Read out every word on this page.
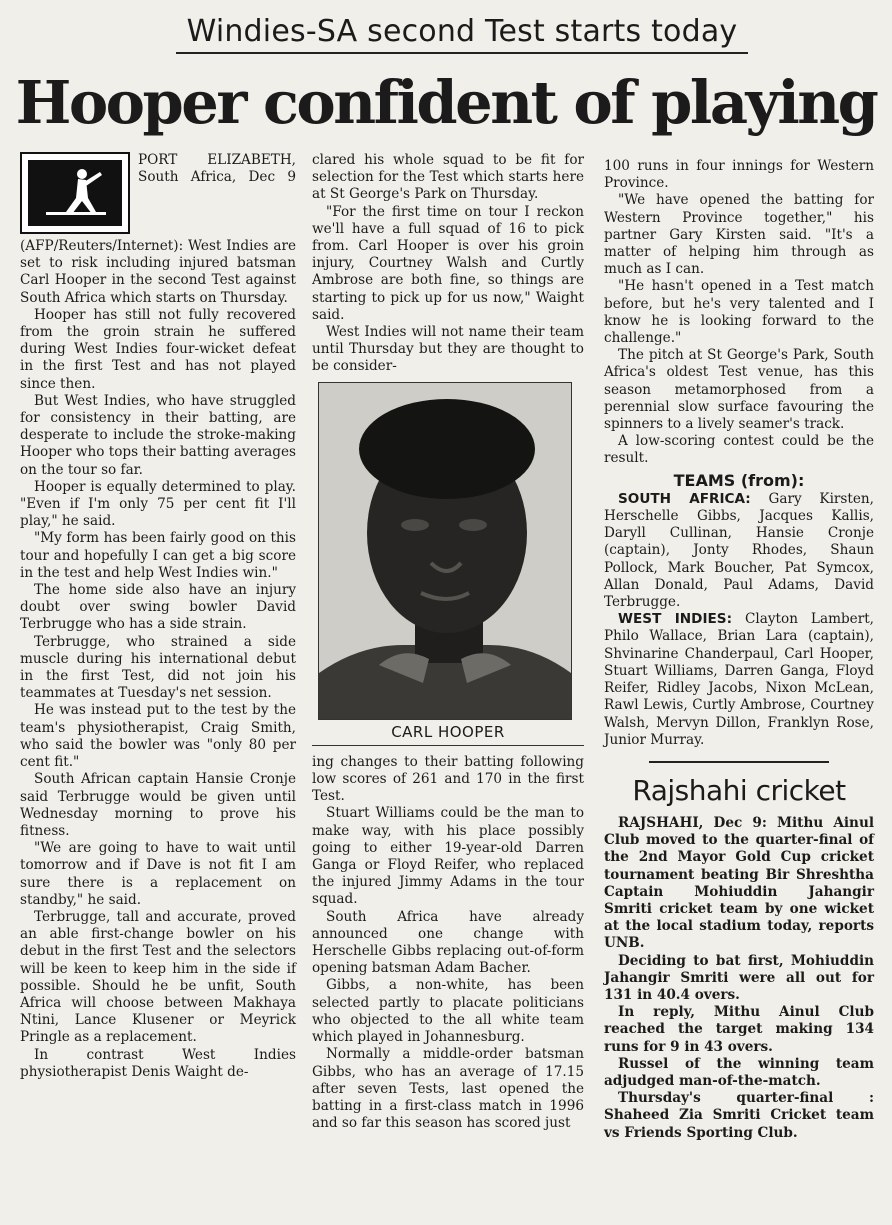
Windies-SA second Test starts today
Hooper confident of playing

PORT ELIZABETH, South Africa, Dec 9 (AFP/Reuters/Internet): West Indies are set to risk including injured batsman Carl Hooper in the second Test against South Africa which starts on Thursday.

Hooper has still not fully recovered from the groin strain he suffered during West Indies four-wicket defeat in the first Test and has not played since then.

But West Indies, who have struggled for consistency in their batting, are desperate to include the stroke-making Hooper who tops their batting averages on the tour so far.

Hooper is equally determined to play. "Even if I'm only 75 per cent fit I'll play," he said.

"My form has been fairly good on this tour and hopefully I can get a big score in the test and help West Indies win."

The home side also have an injury doubt over swing bowler David Terbrugge who has a side strain.

Terbrugge, who strained a side muscle during his international debut in the first Test, did not join his teammates at Tuesday's net session.

He was instead put to the test by the team's physiotherapist, Craig Smith, who said the bowler was "only 80 per cent fit."

South African captain Hansie Cronje said Terbrugge would be given until Wednesday morning to prove his fitness.

"We are going to have to wait until tomorrow and if Dave is not fit I am sure there is a replacement on standby," he said.

Terbrugge, tall and accurate, proved an able first-change bowler on his debut in the first Test and the selectors will be keen to keep him in the side if possible. Should he be unfit, South Africa will choose between Makhaya Ntini, Lance Klusener or Meyrick Pringle as a replacement.

In contrast West Indies physiotherapist Denis Waight de-

clared his whole squad to be fit for selection for the Test which starts here at St George's Park on Thursday.

"For the first time on tour I reckon we'll have a full squad of 16 to pick from. Carl Hooper is over his groin injury, Courtney Walsh and Curtly Ambrose are both fine, so things are starting to pick up for us now," Waight said.

West Indies will not name their team until Thursday but they are thought to be consider-

CARL HOOPER

ing changes to their batting following low scores of 261 and 170 in the first Test.

Stuart Williams could be the man to make way, with his place possibly going to either 19-year-old Darren Ganga or Floyd Reifer, who replaced the injured Jimmy Adams in the tour squad.

South Africa have already announced one change with Herschelle Gibbs replacing out-of-form opening batsman Adam Bacher.

Gibbs, a non-white, has been selected partly to placate politicians who objected to the all white team which played in Johannesburg.

Normally a middle-order batsman Gibbs, who has an average of 17.15 after seven Tests, last opened the batting in a first-class match in 1996 and so far this season has scored just

100 runs in four innings for Western Province.

"We have opened the batting for Western Province together," his partner Gary Kirsten said. "It's a matter of helping him through as much as I can.

"He hasn't opened in a Test match before, but he's very talented and I know he is looking forward to the challenge."

The pitch at St George's Park, South Africa's oldest Test venue, has this season metamorphosed from a perennial slow surface favouring the spinners to a lively seamer's track.

A low-scoring contest could be the result.

TEAMS (from):

SOUTH AFRICA: Gary Kirsten, Herschelle Gibbs, Jacques Kallis, Daryll Cullinan, Hansie Cronje (captain), Jonty Rhodes, Shaun Pollock, Mark Boucher, Pat Symcox, Allan Donald, Paul Adams, David Terbrugge.

WEST INDIES: Clayton Lambert, Philo Wallace, Brian Lara (captain), Shvinarine Chanderpaul, Carl Hooper, Stuart Williams, Darren Ganga, Floyd Reifer, Ridley Jacobs, Nixon McLean, Rawl Lewis, Curtly Ambrose, Courtney Walsh, Mervyn Dillon, Franklyn Rose, Junior Murray.

Rajshahi cricket

RAJSHAHI, Dec 9: Mithu Ainul Club moved to the quarter-final of the 2nd Mayor Gold Cup cricket tournament beating Bir Shreshtha Captain Mohiuddin Jahangir Smriti cricket team by one wicket at the local stadium today, reports UNB.

Deciding to bat first, Mohiuddin Jahangir Smriti were all out for 131 in 40.4 overs.

In reply, Mithu Ainul Club reached the target making 134 runs for 9 in 43 overs.

Russel of the winning team adjudged man-of-the-match.

Thursday's quarter-final : Shaheed Zia Smriti Cricket team vs Friends Sporting Club.
